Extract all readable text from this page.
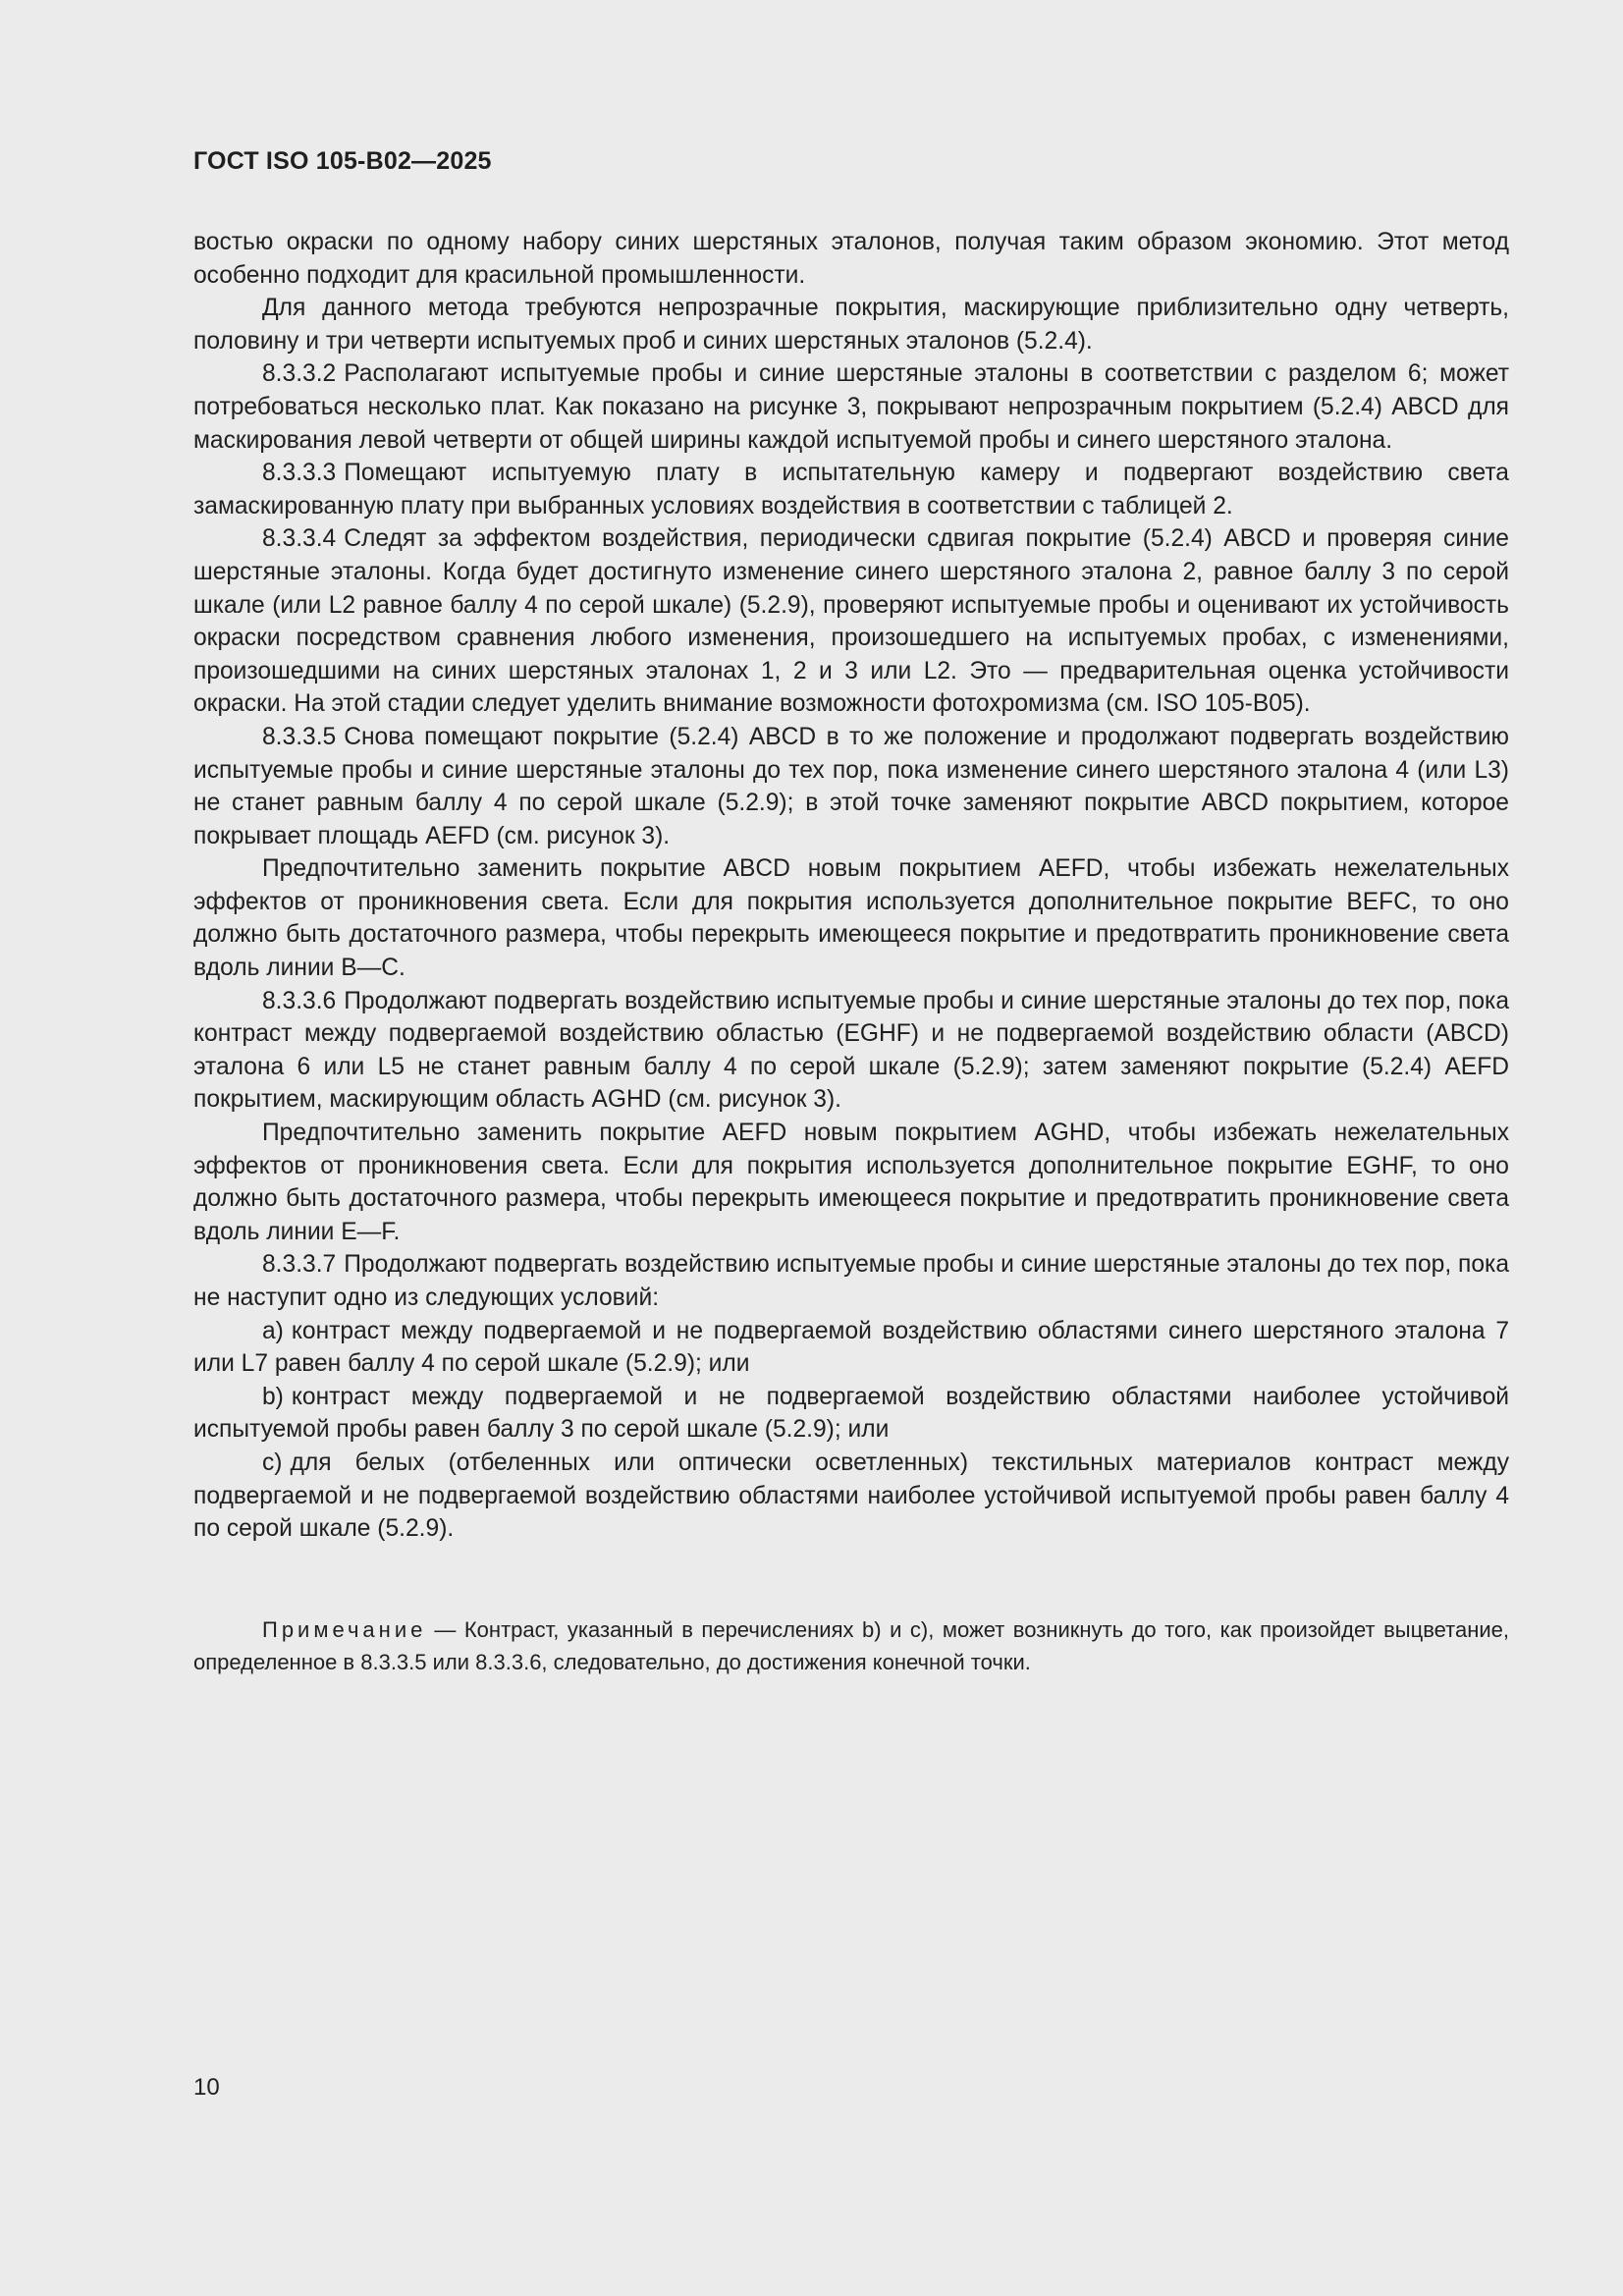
ГОСТ ISO 105-B02—2025

востью окраски по одному набору синих шерстяных эталонов, получая таким образом экономию. Этот метод особенно подходит для красильной промышленности.

Для данного метода требуются непрозрачные покрытия, маскирующие приблизительно одну четверть, половину и три четверти испытуемых проб и синих шерстяных эталонов (5.2.4).

8.3.3.2 Располагают испытуемые пробы и синие шерстяные эталоны в соответствии с разделом 6; может потребоваться несколько плат. Как показано на рисунке 3, покрывают непрозрачным покрытием (5.2.4) ABCD для маскирования левой четверти от общей ширины каждой испытуемой пробы и синего шерстяного эталона.

8.3.3.3 Помещают испытуемую плату в испытательную камеру и подвергают воздействию света замаскированную плату при выбранных условиях воздействия в соответствии с таблицей 2.

8.3.3.4 Следят за эффектом воздействия, периодически сдвигая покрытие (5.2.4) ABCD и проверяя синие шерстяные эталоны. Когда будет достигнуто изменение синего шерстяного эталона 2, равное баллу 3 по серой шкале (или L2 равное баллу 4 по серой шкале) (5.2.9), проверяют испытуемые пробы и оценивают их устойчивость окраски посредством сравнения любого изменения, произошедшего на испытуемых пробах, с изменениями, произошедшими на синих шерстяных эталонах 1, 2 и 3 или L2. Это — предварительная оценка устойчивости окраски. На этой стадии следует уделить внимание возможности фотохромизма (см. ISO 105-B05).

8.3.3.5 Снова помещают покрытие (5.2.4) ABCD в то же положение и продолжают подвергать воздействию испытуемые пробы и синие шерстяные эталоны до тех пор, пока изменение синего шерстяного эталона 4 (или L3) не станет равным баллу 4 по серой шкале (5.2.9); в этой точке заменяют покрытие ABCD покрытием, которое покрывает площадь AEFD (см. рисунок 3).

Предпочтительно заменить покрытие ABCD новым покрытием AEFD, чтобы избежать нежелательных эффектов от проникновения света. Если для покрытия используется дополнительное покрытие BEFC, то оно должно быть достаточного размера, чтобы перекрыть имеющееся покрытие и предотвратить проникновение света вдоль линии B—C.

8.3.3.6 Продолжают подвергать воздействию испытуемые пробы и синие шерстяные эталоны до тех пор, пока контраст между подвергаемой воздействию областью (EGHF) и не подвергаемой воздействию области (ABCD) эталона 6 или L5 не станет равным баллу 4 по серой шкале (5.2.9); затем заменяют покрытие (5.2.4) AEFD покрытием, маскирующим область AGHD (см. рисунок 3).

Предпочтительно заменить покрытие AEFD новым покрытием AGHD, чтобы избежать нежелательных эффектов от проникновения света. Если для покрытия используется дополнительное покрытие EGHF, то оно должно быть достаточного размера, чтобы перекрыть имеющееся покрытие и предотвратить проникновение света вдоль линии E—F.

8.3.3.7 Продолжают подвергать воздействию испытуемые пробы и синие шерстяные эталоны до тех пор, пока не наступит одно из следующих условий:

a) контраст между подвергаемой и не подвергаемой воздействию областями синего шерстяного эталона 7 или L7 равен баллу 4 по серой шкале (5.2.9); или

b) контраст между подвергаемой и не подвергаемой воздействию областями наиболее устойчивой испытуемой пробы равен баллу 3 по серой шкале (5.2.9); или

c) для белых (отбеленных или оптически осветленных) текстильных материалов контраст между подвергаемой и не подвергаемой воздействию областями наиболее устойчивой испытуемой пробы равен баллу 4 по серой шкале (5.2.9).

Примечание — Контраст, указанный в перечислениях b) и c), может возникнуть до того, как произойдет выцветание, определенное в 8.3.3.5 или 8.3.3.6, следовательно, до достижения конечной точки.
10
